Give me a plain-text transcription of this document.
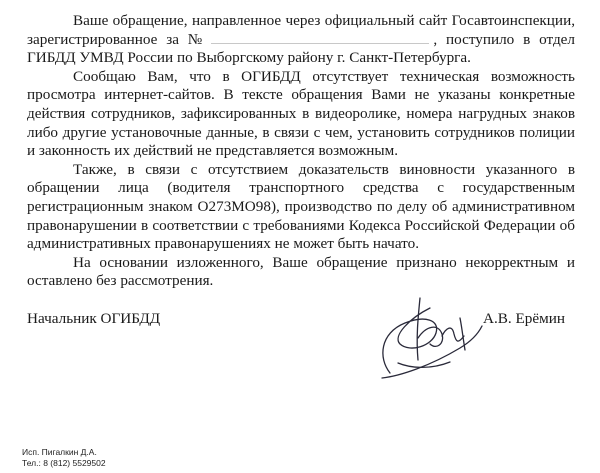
Ваше обращение, направленное через официальный сайт Госавтоинспекции, зарегистрированное за №	, поступило в отдел ГИБДД УМВД России по Выборгскому району г. Санкт-Петербурга.

Сообщаю Вам, что в ОГИБДД отсутствует техническая возможность просмотра интернет-сайтов. В тексте обращения Вами не указаны конкретные действия сотрудников, зафиксированных в видеоролике, номера нагрудных знаков либо другие установочные данные, в связи с чем, установить сотрудников полиции и законность их действий не представляется возможным.

Также, в связи с отсутствием доказательств виновности указанного в обращении лица (водителя транспортного средства с государственным регистрационным знаком О273МО98), производство по делу об административном правонарушении в соответствии с требованиями Кодекса Российской Федерации об административных правонарушениях не может быть начато.

На основании изложенного, Ваше обращение признано некорректным и оставлено без рассмотрения.

Начальник ОГИБДД	А.В. Ерёмин
Исп. Пигалкин Д.А.
Тел.: 8 (812) 5529502
